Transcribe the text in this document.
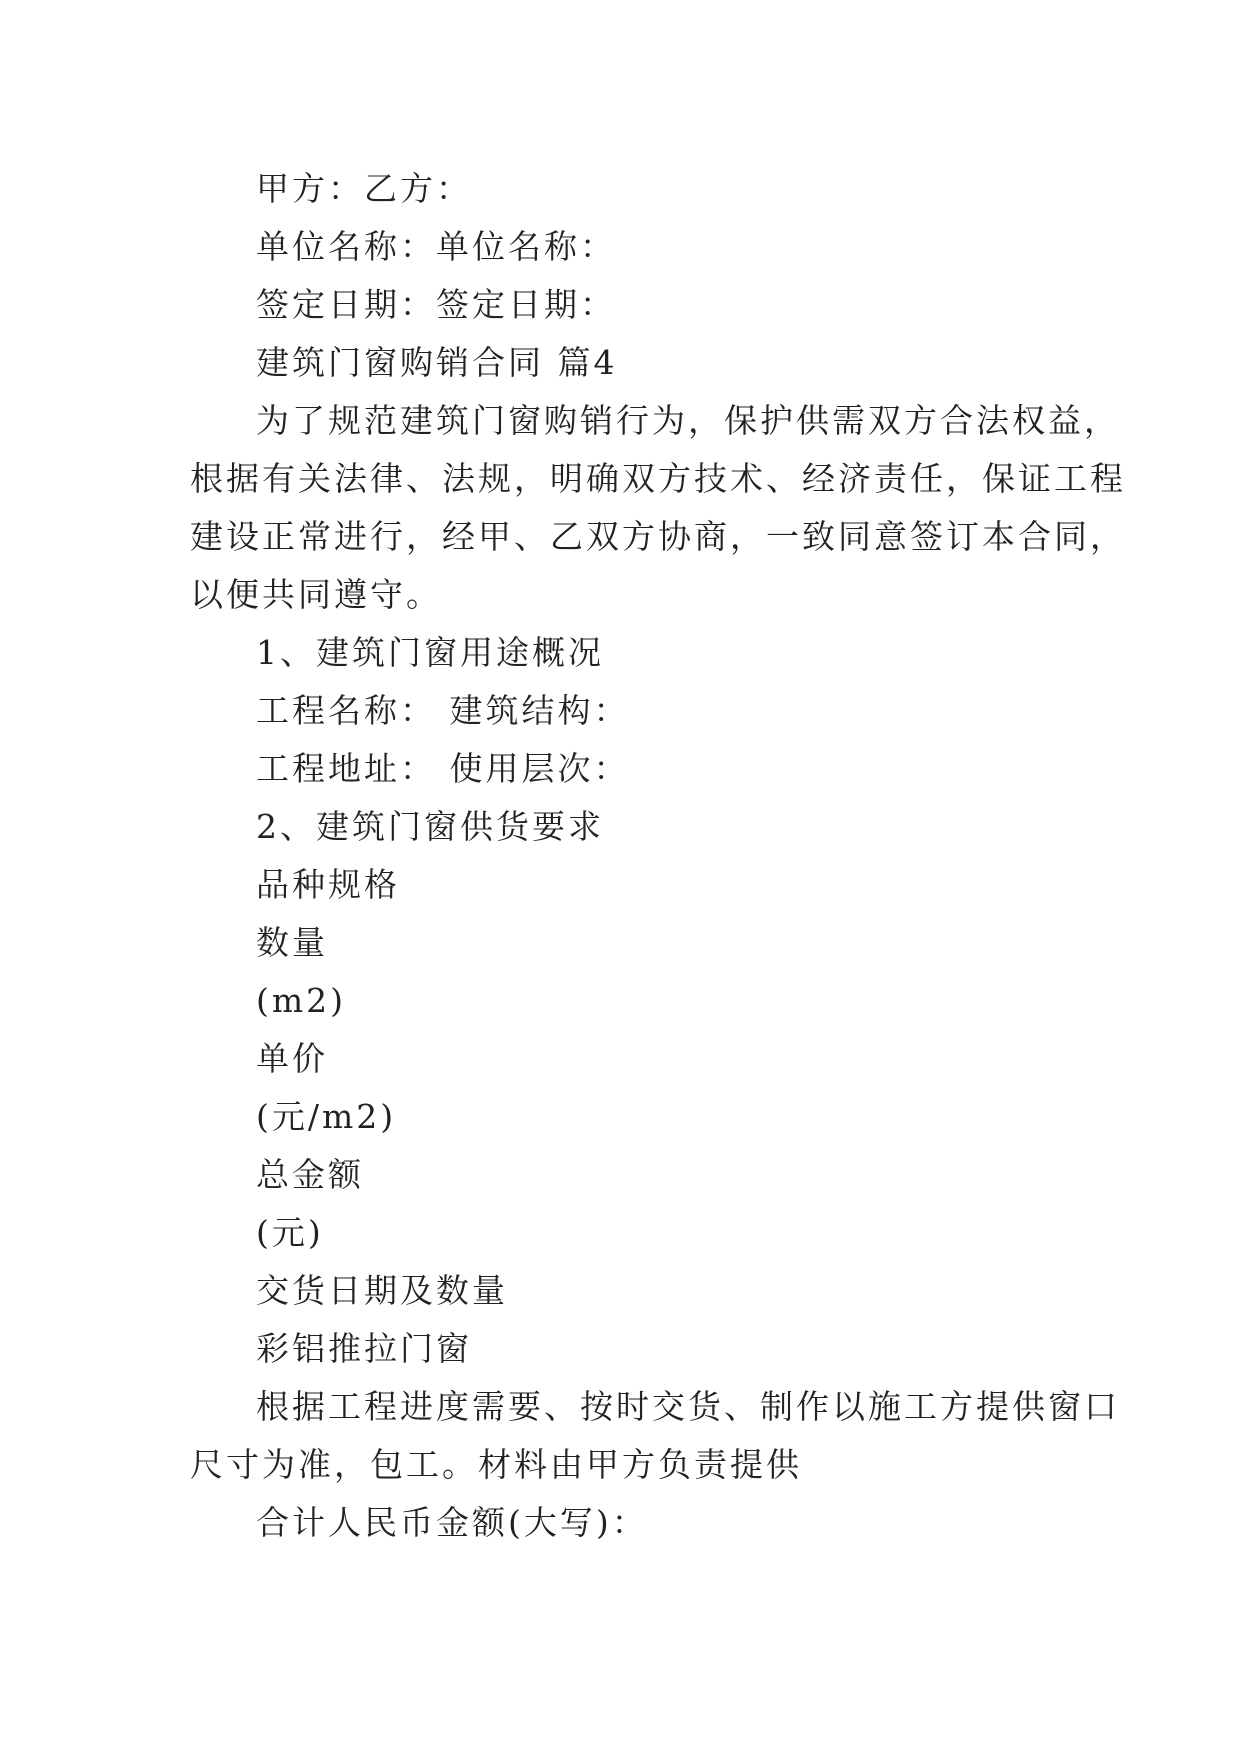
甲方：乙方：

单位名称：单位名称：

签定日期：签定日期：

建筑门窗购销合同 篇4

为了规范建筑门窗购销行为，保护供需双方合法权益，
根据有关法律、法规，明确双方技术、经济责任，保证工程
建设正常进行，经甲、乙双方协商，一致同意签订本合同，
以便共同遵守。

1、建筑门窗用途概况

工程名称： 建筑结构：

工程地址： 使用层次：

2、建筑门窗供货要求

品种规格

数量

(m2)

单价

(元/m2)

总金额

(元)

交货日期及数量

彩铝推拉门窗

根据工程进度需要、按时交货、制作以施工方提供窗口
尺寸为准，包工。材料由甲方负责提供

合计人民币金额(大写)：
